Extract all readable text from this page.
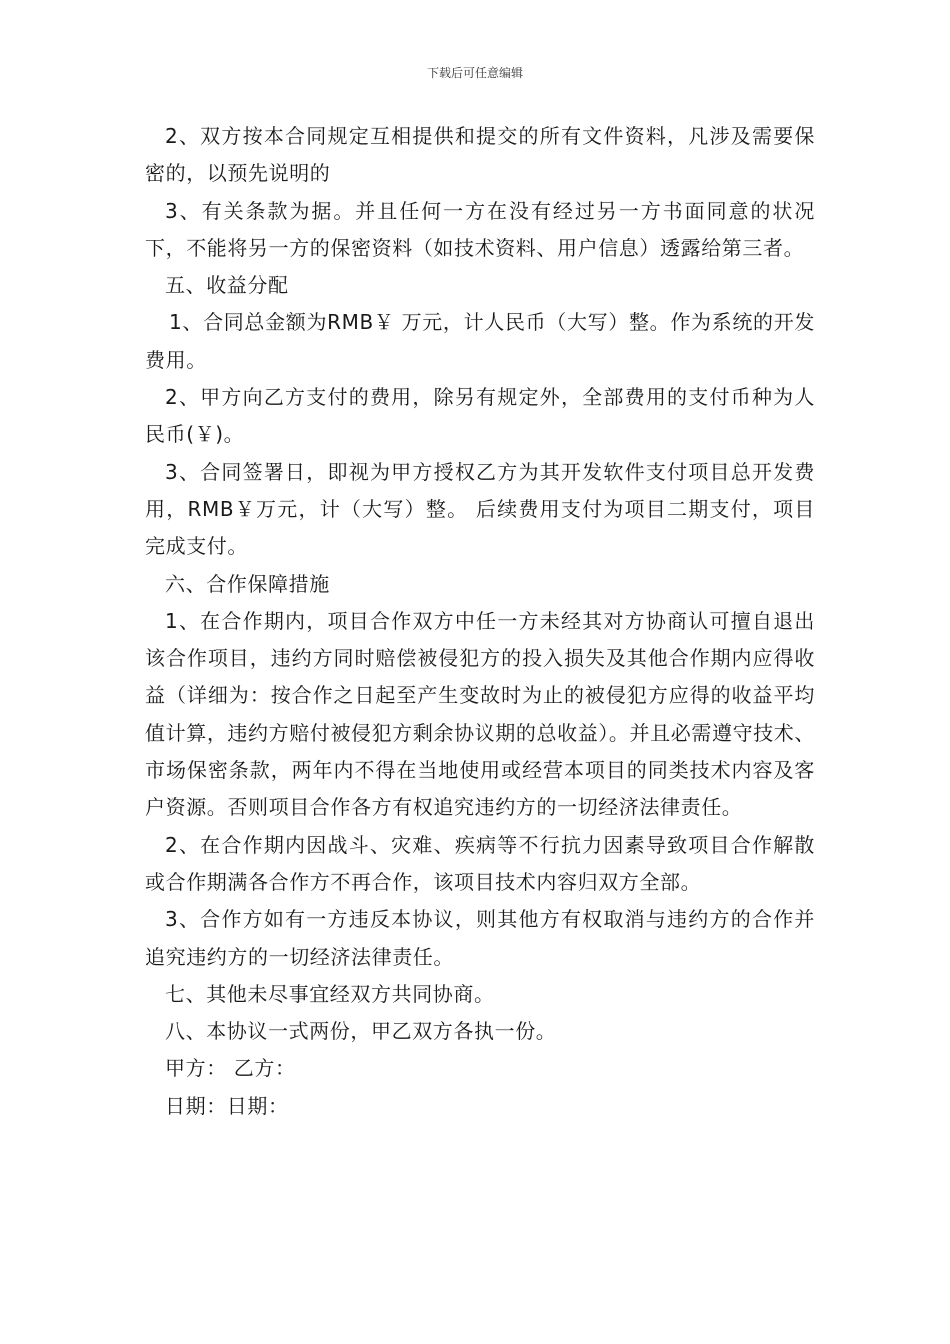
下载后可任意编辑

2、双方按本合同规定互相提供和提交的所有文件资料，凡涉及需要保密的，以预先说明的

3、有关条款为据。并且任何一方在没有经过另一方书面同意的状况下，不能将另一方的保密资料（如技术资料、用户信息）透露给第三者。

五、收益分配

1、合同总金额为RMB￥ 万元，计人民币（大写）整。作为系统的开发费用。

2、甲方向乙方支付的费用，除另有规定外，全部费用的支付币种为人民币(￥)。

3、合同签署日，即视为甲方授权乙方为其开发软件支付项目总开发费用，RMB￥万元，计（大写）整。 后续费用支付为项目二期支付，项目完成支付。

六、合作保障措施

1、在合作期内，项目合作双方中任一方未经其对方协商认可擅自退出该合作项目，违约方同时赔偿被侵犯方的投入损失及其他合作期内应得收益（详细为：按合作之日起至产生变故时为止的被侵犯方应得的收益平均值计算，违约方赔付被侵犯方剩余协议期的总收益）。并且必需遵守技术、市场保密条款，两年内不得在当地使用或经营本项目的同类技术内容及客户资源。否则项目合作各方有权追究违约方的一切经济法律责任。

2、在合作期内因战斗、灾难、疾病等不行抗力因素导致项目合作解散或合作期满各合作方不再合作，该项目技术内容归双方全部。

3、合作方如有一方违反本协议，则其他方有权取消与违约方的合作并追究违约方的一切经济法律责任。

七、其他未尽事宜经双方共同协商。

八、本协议一式两份，甲乙双方各执一份。

甲方： 乙方：

日期：日期：
